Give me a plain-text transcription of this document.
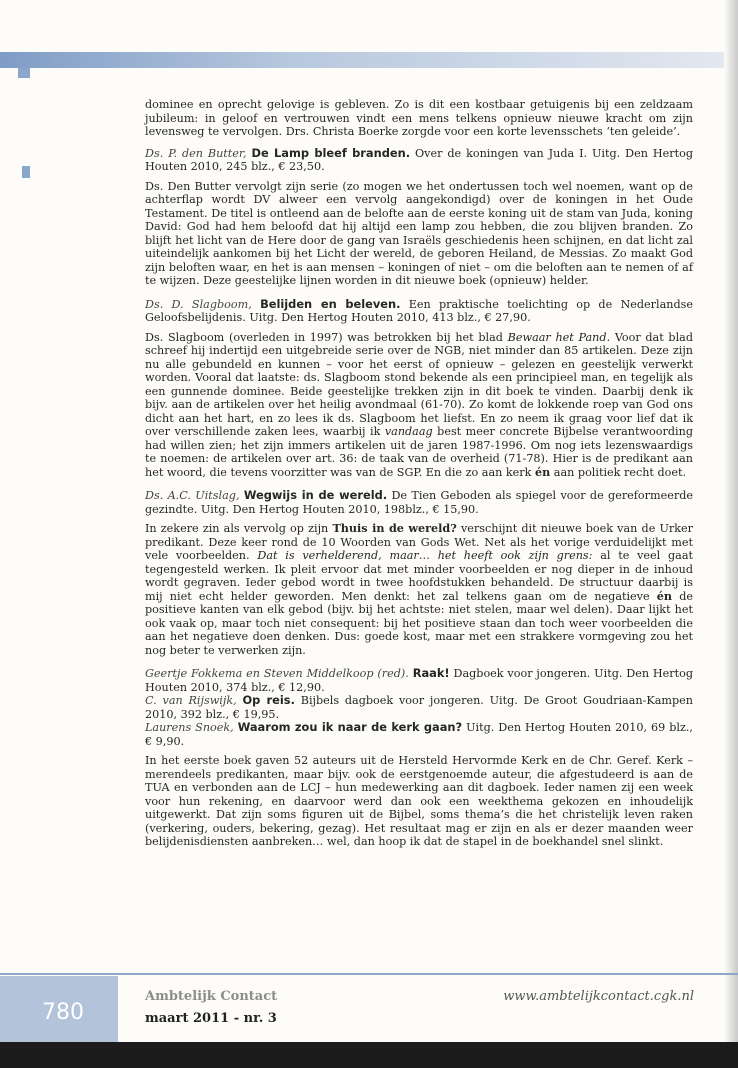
dominee en oprecht gelovige is gebleven. Zo is dit een kostbaar getuigenis bij een zeldzaam jubileum: in geloof en vertrouwen vindt een mens telkens opnieuw nieuwe kracht om zijn levensweg te vervolgen. Drs. Christa Boerke zorgde voor een korte levensschets ‘ten geleide’.

Ds. P. den Butter, De Lamp bleef branden. Over de koningen van Juda I. Uitg. Den Hertog Houten 2010, 245 blz., € 23,50.

Ds. Den Butter vervolgt zijn serie (zo mogen we het ondertussen toch wel noemen, want op de achterflap wordt DV alweer een vervolg aangekondigd) over de koningen in het Oude Testament. De titel is ontleend aan de belofte aan de eerste koning uit de stam van Juda, koning David: God had hem beloofd dat hij altijd een lamp zou hebben, die zou blijven branden. Zo blijft het licht van de Here door de gang van Israëls geschiedenis heen schijnen, en dat licht zal uiteindelijk aankomen bij het Licht der wereld, de geboren Heiland, de Messias. Zo maakt God zijn beloften waar, en het is aan mensen – koningen of niet – om die beloften aan te nemen of af te wijzen. Deze geestelijke lijnen worden in dit nieuwe boek (opnieuw) helder.

Ds. D. Slagboom, Belijden en beleven. Een praktische toelichting op de Nederlandse Geloofsbelijdenis. Uitg. Den Hertog Houten 2010, 413 blz., € 27,90.

Ds. Slagboom (overleden in 1997) was betrokken bij het blad Bewaar het Pand. Voor dat blad schreef hij indertijd een uitgebreide serie over de NGB, niet minder dan 85 artikelen. Deze zijn nu alle gebundeld en kunnen – voor het eerst of opnieuw – gelezen en geestelijk verwerkt worden. Vooral dat laatste: ds. Slagboom stond bekende als een principieel man, en tegelijk als een gunnende dominee. Beide geestelijke trekken zijn in dit boek te vinden. Daarbij denk ik bijv. aan de artikelen over het heilig avondmaal (61-70). Zo komt de lokkende roep van God ons dicht aan het hart, en zo lees ik ds. Slagboom het liefst. En zo neem ik graag voor lief dat ik over verschillende zaken lees, waarbij ik vandaag best meer concrete Bijbelse verantwoording had willen zien; het zijn immers artikelen uit de jaren 1987-1996. Om nog iets lezenswaardigs te noemen: de artikelen over art. 36: de taak van de overheid (71-78). Hier is de predikant aan het woord, die tevens voorzitter was van de SGP. En die zo aan kerk én aan politiek recht doet.

Ds. A.C. Uitslag, Wegwijs in de wereld. De Tien Geboden als spiegel voor de gereformeerde gezindte. Uitg. Den Hertog Houten 2010, 198blz., € 15,90.

In zekere zin als vervolg op zijn Thuis in de wereld? verschijnt dit nieuwe boek van de Urker predikant. Deze keer rond de 10 Woorden van Gods Wet. Net als het vorige verduidelijkt met vele voorbeelden. Dat is verhelderend, maar… het heeft ook zijn grens: al te veel gaat tegengesteld werken. Ik pleit ervoor dat met minder voorbeelden er nog dieper in de inhoud wordt gegraven. Ieder gebod wordt in twee hoofdstukken behandeld. De structuur daarbij is mij niet echt helder geworden. Men denkt: het zal telkens gaan om de negatieve én de positieve kanten van elk gebod (bijv. bij het achtste: niet stelen, maar wel delen). Daar lijkt het ook vaak op, maar toch niet consequent: bij het positieve staan dan toch weer voorbeelden die aan het negatieve doen denken. Dus: goede kost, maar met een strakkere vormgeving zou het nog beter te verwerken zijn.

Geertje Fokkema en Steven Middelkoop (red). Raak! Dagboek voor jongeren. Uitg. Den Hertog Houten 2010, 374 blz., € 12,90.

C. van Rijswijk, Op reis. Bijbels dagboek voor jongeren. Uitg. De Groot Goudriaan-Kampen 2010, 392 blz., € 19,95.

Laurens Snoek, Waarom zou ik naar de kerk gaan? Uitg. Den Hertog Houten 2010, 69 blz., € 9,90.

In het eerste boek gaven 52 auteurs uit de Hersteld Hervormde Kerk en de Chr. Geref. Kerk – merendeels predikanten, maar bijv. ook de eerstgenoemde auteur, die afgestudeerd is aan de TUA en verbonden aan de LCJ – hun medewerking aan dit dagboek. Ieder namen zij een week voor hun rekening, en daarvoor werd dan ook een weekthema gekozen en inhoudelijk uitgewerkt. Dat zijn soms figuren uit de Bijbel, soms thema’s die het christelijk leven raken (verkering, ouders, bekering, gezag). Het resultaat mag er zijn en als er dezer maanden weer belijdenisdiensten aanbreken… wel, dan hoop ik dat de stapel in de boekhandel snel slinkt.

780
Ambtelijk Contact
maart 2011 - nr. 3
www.ambtelijkcontact.cgk.nl
